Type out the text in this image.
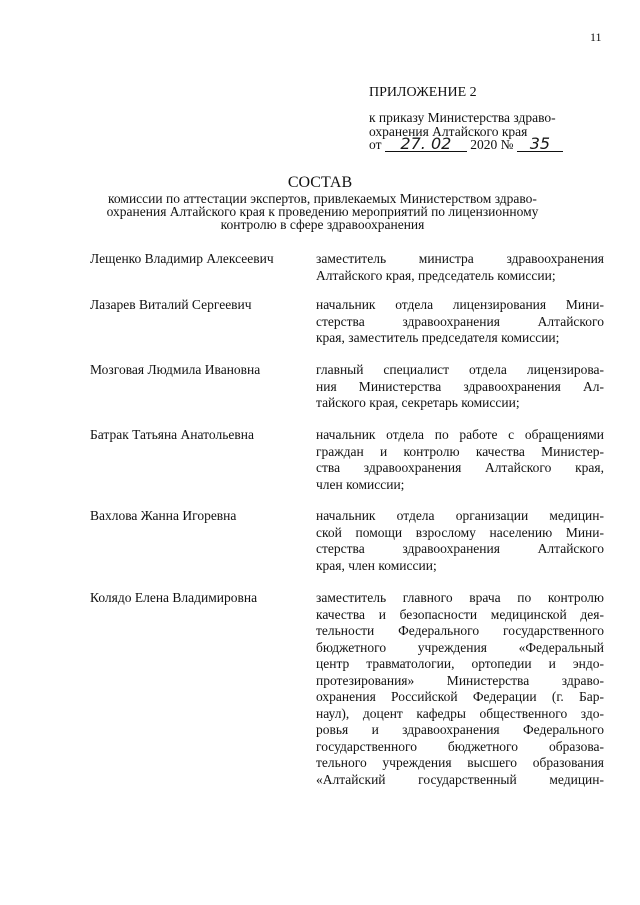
11
ПРИЛОЖЕНИЕ 2
к приказу Министерства здраво-
охранения Алтайского края
от 27. 02 2020 № 35
СОСТАВ
комиссии по аттестации экспертов, привлекаемых Министерством здраво-
охранения Алтайского края к проведению мероприятий по лицензионному
контролю в сфере здравоохранения
Лещенко Владимир Алексеевич	заместитель министра здравоохранения
Алтайского края, председатель комиссии;
Лазарев Виталий Сергеевич	начальник отдела лицензирования Мини-
стерства здравоохранения Алтайского
края, заместитель председателя комиссии;
Мозговая Людмила Ивановна	главный специалист отдела лицензирова-
ния Министерства здравоохранения Ал-
тайского края, секретарь комиссии;
Батрак Татьяна Анатольевна	начальник отдела по работе с обращениями
граждан и контролю качества Министер-
ства здравоохранения Алтайского края,
член комиссии;
Вахлова Жанна Игоревна	начальник отдела организации медицин-
ской помощи взрослому населению Мини-
стерства здравоохранения Алтайского
края, член комиссии;
Колядо Елена Владимировна	заместитель главного врача по контролю
качества и безопасности медицинской дея-
тельности Федерального государственного
бюджетного учреждения «Федеральный
центр травматологии, ортопедии и эндо-
протезирования» Министерства здраво-
охранения Российской Федерации (г. Бар-
наул), доцент кафедры общественного здо-
ровья и здравоохранения Федерального
государственного бюджетного образова-
тельного учреждения высшего образования
«Алтайский государственный медицин-
